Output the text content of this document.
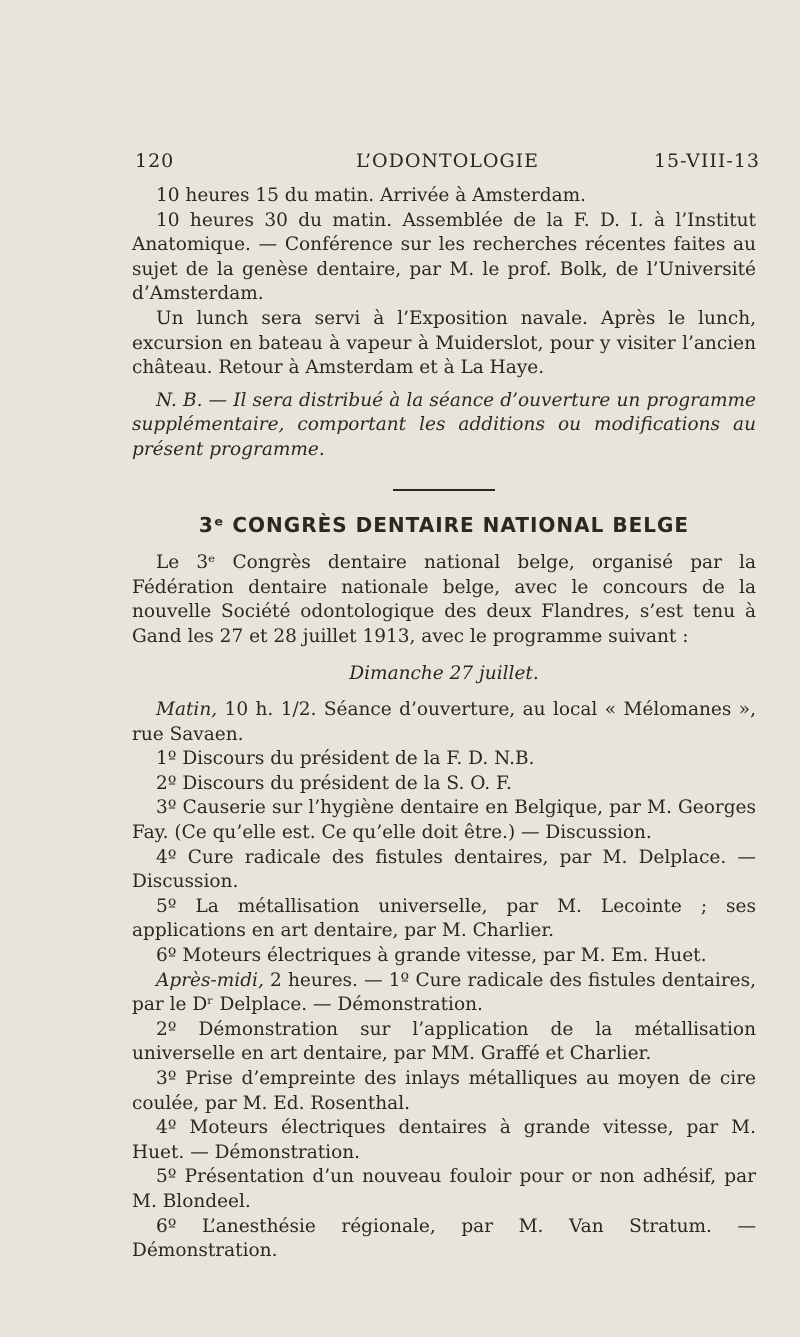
L’ODONTOLOGIE
120	15-VIII-13

10 heures 15 du matin. Arrivée à Amsterdam.

10 heures 30 du matin. Assemblée de la F. D. I. à l’Institut Anatomique. — Conférence sur les recherches récentes faites au sujet de la genèse dentaire, par M. le prof. Bolk, de l’Université d’Amsterdam.

Un lunch sera servi à l’Exposition navale. Après le lunch, excursion en bateau à vapeur à Muiderslot, pour y visiter l’ancien château. Retour à Amsterdam et à La Haye.

N. B. — Il sera distribué à la séance d’ouverture un programme supplémentaire, comportant les additions ou modifications au présent programme.

3ᵉ CONGRÈS DENTAIRE NATIONAL BELGE

Le 3ᵉ Congrès dentaire national belge, organisé par la Fédération dentaire nationale belge, avec le concours de la nouvelle Société odontologique des deux Flandres, s’est tenu à Gand les 27 et 28 juillet 1913, avec le programme suivant :

Dimanche 27 juillet.

Matin, 10 h. 1/2. Séance d’ouverture, au local « Mélomanes », rue Savaen.

1º Discours du président de la F. D. N.B.

2º Discours du président de la S. O. F.

3º Causerie sur l’hygiène dentaire en Belgique, par M. Georges Fay. (Ce qu’elle est. Ce qu’elle doit être.) — Discussion.

4º Cure radicale des fistules dentaires, par M. Delplace. — Discussion.

5º La métallisation universelle, par M. Lecointe ; ses applications en art dentaire, par M. Charlier.

6º Moteurs électriques à grande vitesse, par M. Em. Huet.

Après-midi, 2 heures. — 1º Cure radicale des fistules dentaires, par le Dʳ Delplace. — Démonstration.

2º Démonstration sur l’application de la métallisation universelle en art dentaire, par MM. Graffé et Charlier.

3º Prise d’empreinte des inlays métalliques au moyen de cire coulée, par M. Ed. Rosenthal.

4º Moteurs électriques dentaires à grande vitesse, par M. Huet. — Démonstration.

5º Présentation d’un nouveau fouloir pour or non adhésif, par M. Blondeel.

6º L’anesthésie régionale, par M. Van Stratum. — Démonstration.
